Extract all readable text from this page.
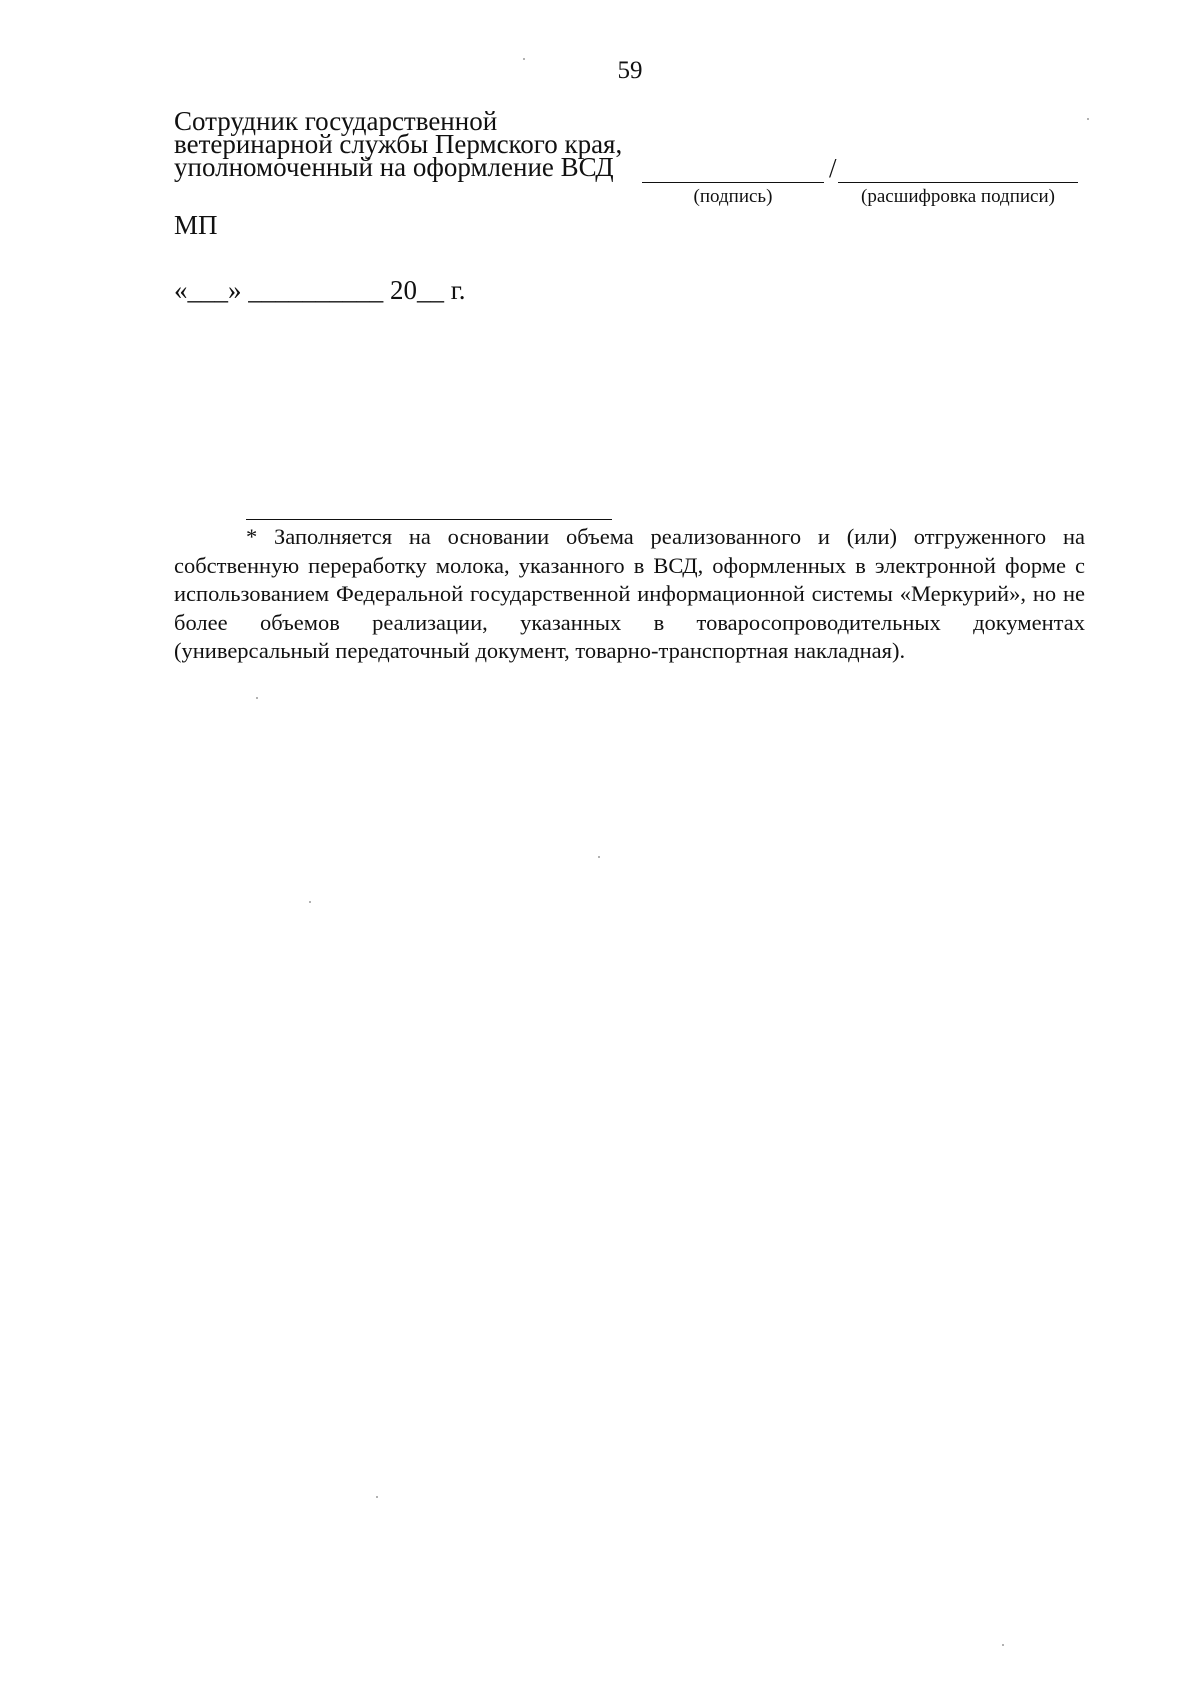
59
Сотрудник государственной
ветеринарной службы Пермского края,
уполномоченный на оформление ВСД	/
(подпись)	(расшифровка подписи)
МП
«___» __________ 20__ г.

* Заполняется на основании объема реализованного и (или) отгруженного на собственную переработку молока, указанного в ВСД, оформленных в электронной форме с использованием Федеральной государственной информационной системы «Меркурий», но не более объемов реализации, указанных в товаросопроводительных документах (универсальный передаточный документ, товарно-транспортная накладная).
